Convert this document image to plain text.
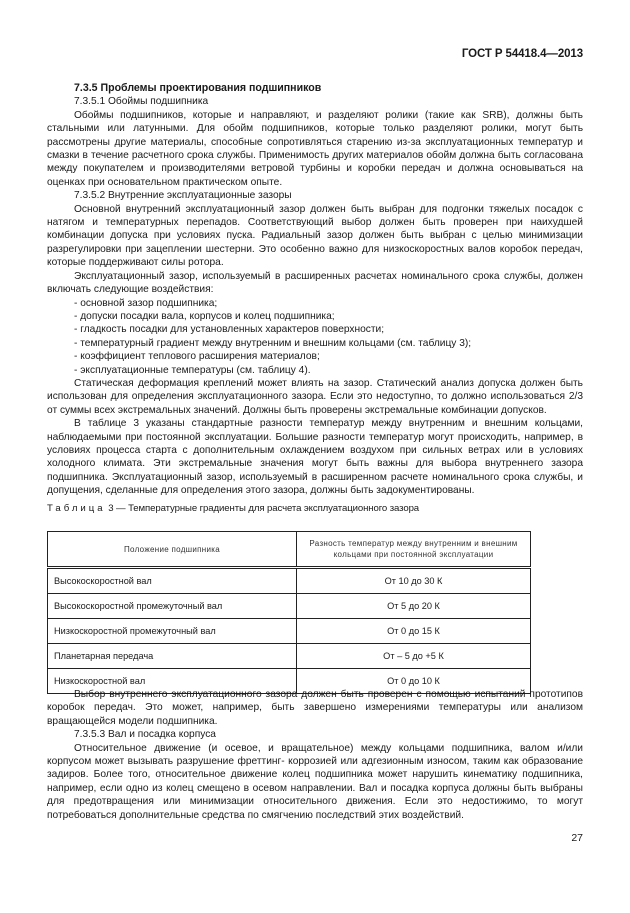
ГОСТ Р 54418.4—2013

7.3.5 Проблемы проектирования подшипников

7.3.5.1 Обоймы подшипника

Обоймы подшипников, которые и направляют, и разделяют ролики (такие как SRB), должны быть стальными или латунными. Для обойм подшипников, которые только разделяют ролики, могут быть рассмотрены другие материалы, способные сопротивляться старению из-за эксплуатационных температур и смазки в течение расчетного срока службы. Применимость других материалов обойм должна быть согласована между покупателем и производителями ветровой турбины и коробки передач и должна основываться на оценках при основательном практическом опыте.

7.3.5.2 Внутренние эксплуатационные зазоры

Основной внутренний эксплуатационный зазор должен быть выбран для подгонки тяжелых посадок с натягом и температурных перепадов. Соответствующий выбор должен быть проверен при наихудшей комбинации допуска при условиях пуска. Радиальный зазор должен быть выбран с целью минимизации разрегулировки при зацеплении шестерни. Это особенно важно для низкоскоростных валов коробок передач, которые поддерживают силы ротора.

Эксплуатационный зазор, используемый в расширенных расчетах номинального срока службы, должен включать следующие воздействия:

- основной зазор подшипника;

- допуски посадки вала, корпусов и колец подшипника;

- гладкость посадки для установленных характеров поверхности;

- температурный градиент между внутренним и внешним кольцами (см. таблицу 3);

- коэффициент теплового расширения материалов;

- эксплуатационные температуры (см. таблицу 4).

Статическая деформация креплений может влиять на зазор. Статический анализ допуска должен быть использован для определения эксплуатационного зазора. Если это недоступно, то должно использоваться 2/3 от суммы всех экстремальных значений. Должны быть проверены экстремальные комбинации допусков.

В таблице 3 указаны стандартные разности температур между внутренним и внешним кольцами, наблюдаемыми при постоянной эксплуатации. Большие разности температур могут происходить, например, в условиях процесса старта с дополнительным охлаждением воздухом при сильных ветрах или в условиях холодного климата. Эти экстремальные значения могут быть важны для выбора внутреннего зазора подшипника. Эксплуатационный зазор, используемый в расширенном расчете номинального срока службы, и допущения, сделанные для определения этого зазора, должны быть задокументированы.

Таблица 3 — Температурные градиенты для расчета эксплуатационного зазора

Положение подшипника	Разность температур между внутренним и внешним кольцами при постоянной эксплуатации
Высокоскоростной вал	От 10 до 30 К
Высокоскоростной промежуточный вал	От 5 до 20 К
Низкоскоростной промежуточный вал	От 0 до 15 К
Планетарная передача	От – 5 до +5 К
Низкоскоростной вал	От 0 до 10 К

Выбор внутреннего эксплуатационного зазора должен быть проверен с помощью испытаний прототипов коробок передач. Это может, например, быть завершено измерениями температуры или анализом вращающейся модели подшипника.

7.3.5.3 Вал и посадка корпуса

Относительное движение (и осевое, и вращательное) между кольцами подшипника, валом и/или корпусом может вызывать разрушение фреттинг- коррозией или адгезионным износом, таким как образование задиров. Более того, относительное движение колец подшипника может нарушить кинематику подшипника, например, если одно из колец смещено в осевом направлении. Вал и посадка корпуса должны быть выбраны для предотвращения или минимизации относительного движения. Если это недостижимо, то могут потребоваться дополнительные средства по смягчению последствий этих воздействий.

27
